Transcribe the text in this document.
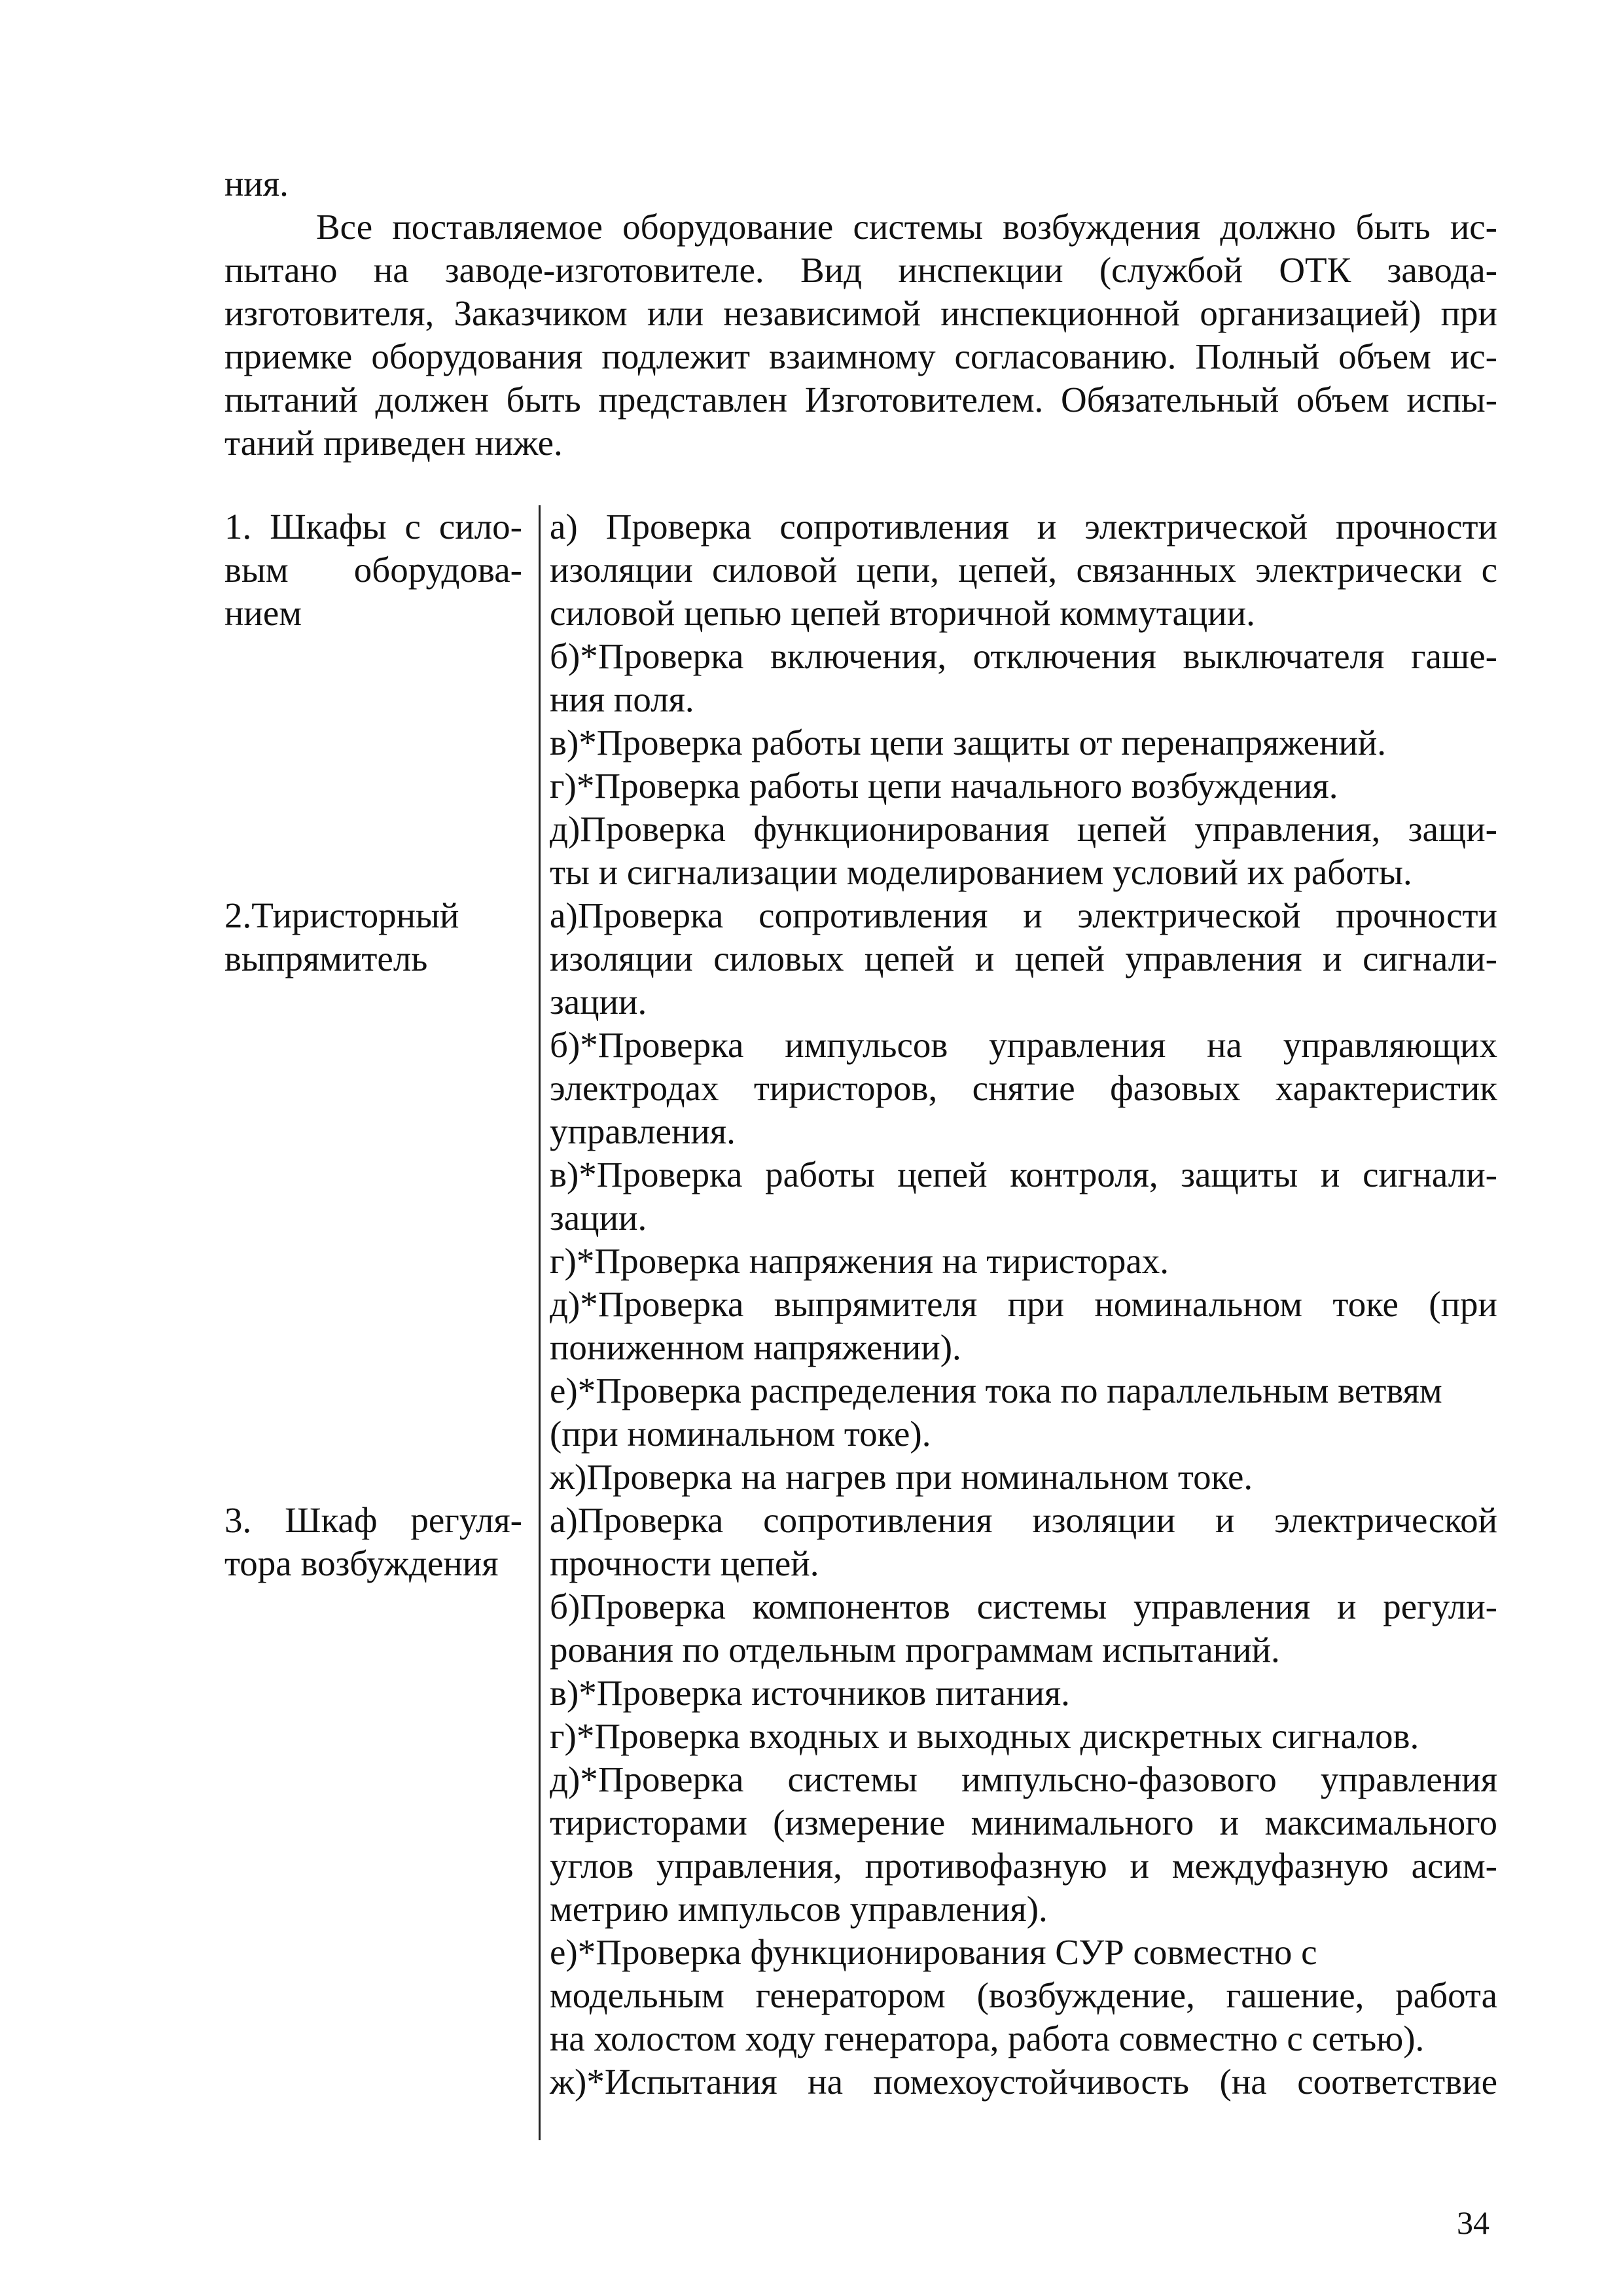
ния.
Все поставляемое оборудование системы возбуждения должно быть ис-
пытано на заводе-изготовителе. Вид инспекции (службой ОТК завода-
изготовителя, Заказчиком или независимой инспекционной организацией) при
приемке оборудования подлежит взаимному согласованию. Полный объем ис-
пытаний должен быть представлен Изготовителем. Обязательный объем испы-
таний приведен ниже.
1. Шкафы с сило-
вым оборудова-
нием
а) Проверка сопротивления и электрической прочности
изоляции силовой цепи, цепей, связанных электрически с
силовой цепью цепей вторичной коммутации.
б)*Проверка включения, отключения выключателя гаше-
ния поля.
в)*Проверка работы цепи защиты от перенапряжений.
г)*Проверка работы цепи начального возбуждения.
д)Проверка функционирования цепей управления, защи-
ты и сигнализации моделированием условий их работы.
2.Тиристорный
выпрямитель
а)Проверка сопротивления и электрической прочности
изоляции силовых цепей и цепей управления и сигнали-
зации.
б)*Проверка импульсов управления на управляющих
электродах тиристоров, снятие фазовых характеристик
управления.
в)*Проверка работы цепей контроля, защиты и сигнали-
зации.
г)*Проверка напряжения на тиристорах.
д)*Проверка выпрямителя при номинальном токе (при
пониженном напряжении).
е)*Проверка распределения тока по параллельным ветвям
(при номинальном токе).
ж)Проверка на нагрев при номинальном токе.
3. Шкаф регуля-
тора возбуждения
а)Проверка сопротивления изоляции и электрической
прочности цепей.
б)Проверка компонентов системы управления и регули-
рования по отдельным программам испытаний.
в)*Проверка источников питания.
г)*Проверка входных и выходных дискретных сигналов.
д)*Проверка системы импульсно-фазового управления
тиристорами (измерение минимального и максимального
углов управления, противофазную и междуфазную асим-
метрию импульсов управления).
е)*Проверка функционирования СУР совместно с
модельным генератором (возбуждение, гашение, работа
на холостом ходу генератора, работа совместно с сетью).
ж)*Испытания на помехоустойчивость (на соответствие
34
